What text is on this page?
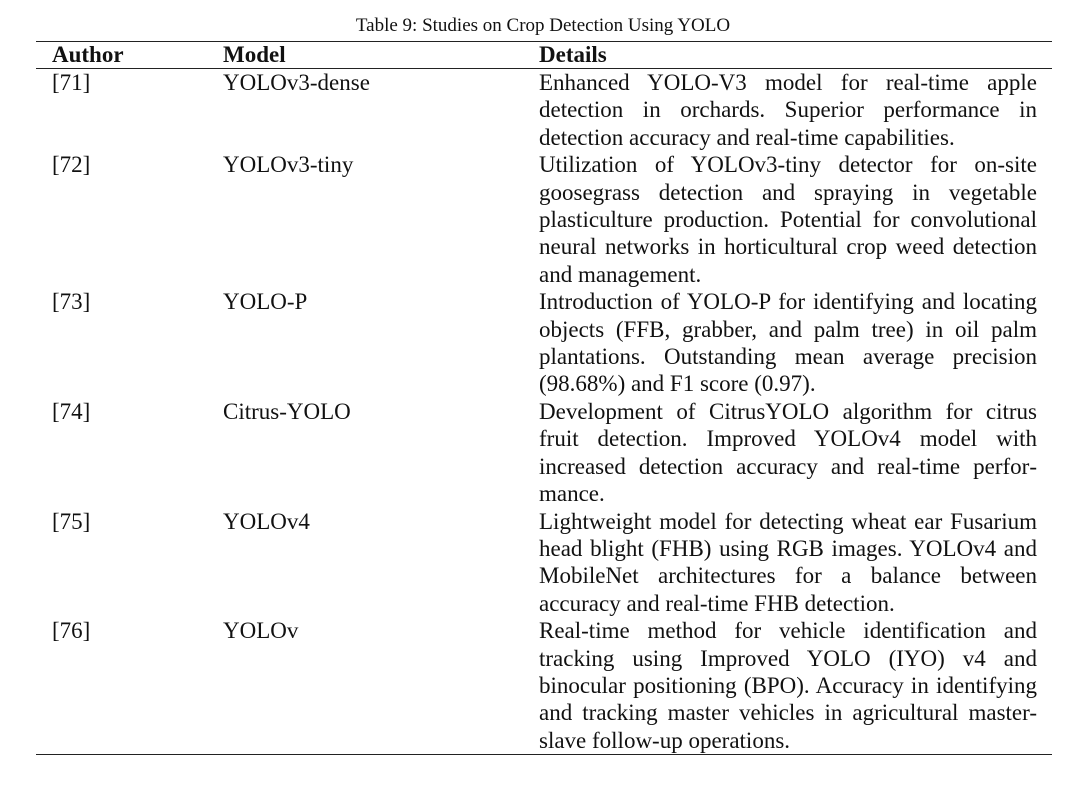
Table 9: Studies on Crop Detection Using YOLO
Author	Model	Details
[71]	YOLOv3-dense	Enhanced YOLO-V3 model for real-time apple detection in orchards. Superior performance in detection accuracy and real-time capabilities.
[72]	YOLOv3-tiny	Utilization of YOLOv3-tiny detector for on-site goosegrass detection and spraying in vegetable plasticulture production. Potential for convolutional neural networks in horticultural crop weed detection and management.
[73]	YOLO-P	Introduction of YOLO-P for identifying and locating objects (FFB, grabber, and palm tree) in oil palm plantations. Outstanding mean average precision (98.68%) and F1 score (0.97).
[74]	Citrus-YOLO	Development of CitrusYOLO algorithm for citrus fruit detection. Improved YOLOv4 model with increased detection accuracy and real-time performance.
[75]	YOLOv4	Lightweight model for detecting wheat ear Fusarium head blight (FHB) using RGB images. YOLOv4 and MobileNet architectures for a balance between accuracy and real-time FHB detection.
[76]	YOLOv	Real-time method for vehicle identification and tracking using Improved YOLO (IYO) v4 and binocular positioning (BPO). Accuracy in identifying and tracking master vehicles in agricultural master-slave follow-up operations.
